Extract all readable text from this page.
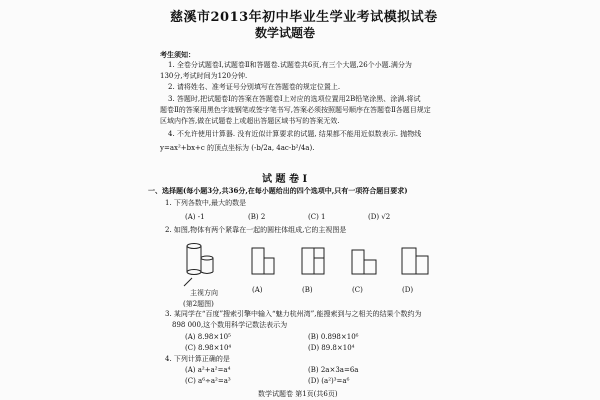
慈溪市2013年初中毕业生学业考试模拟试卷
数学试题卷
考生须知：
1. 全卷分试题卷Ⅰ,试题卷Ⅱ和答题卷.试题卷共6页,有三个大题,26个小题.满分为
130分,考试时间为120分钟.
2. 请将姓名、准考证号分别填写在答题卷的规定位置上.
3. 答题时,把试题卷Ⅰ的答案在答题卷Ⅰ上对应的选项位置用2B铅笔涂黑、涂满.将试
题卷Ⅱ的答案用黑色字迹钢笔或签字笔书写,答案必须按照题号顺序在答题卷Ⅱ各题目规定
区域内作答,做在试题卷上或超出答题区域书写的答案无效.
4. 不允许使用计算器. 没有近似计算要求的试题, 结果都不能用近似数表示. 抛物线
y=ax²+bx+c 的顶点坐标为 (-b/2a, 4ac-b²/4a).
试 题 卷 Ⅰ
一、选择题(每小题3分,共36分,在每小题给出的四个选项中,只有一项符合题目要求)
1. 下列各数中,最大的数是
(A) -1	(B) 2	(C) 1	(D) √2
2. 如图,物体有两个紧靠在一起的圆柱体组成,它的主视图是
主视方向	(A)	(B)	(C)	(D)
(第2题图)
3. 某同学在“百度”搜索引擎中输入“魅力杭州湾”,能搜索到与之相关的结果个数约为
898 000,这个数用科学记数法表示为
(A) 8.98×10⁵	(B) 0.898×10⁶
(C) 8.98×10⁴	(D) 89.8×10⁴
4. 下列计算正确的是
(A) a²+a²=a⁴	(B) 2a×3a=6a
(C) a⁶÷a²=a³	(D) (a²)³=a⁶
数学试题卷 第1页(共6页)
